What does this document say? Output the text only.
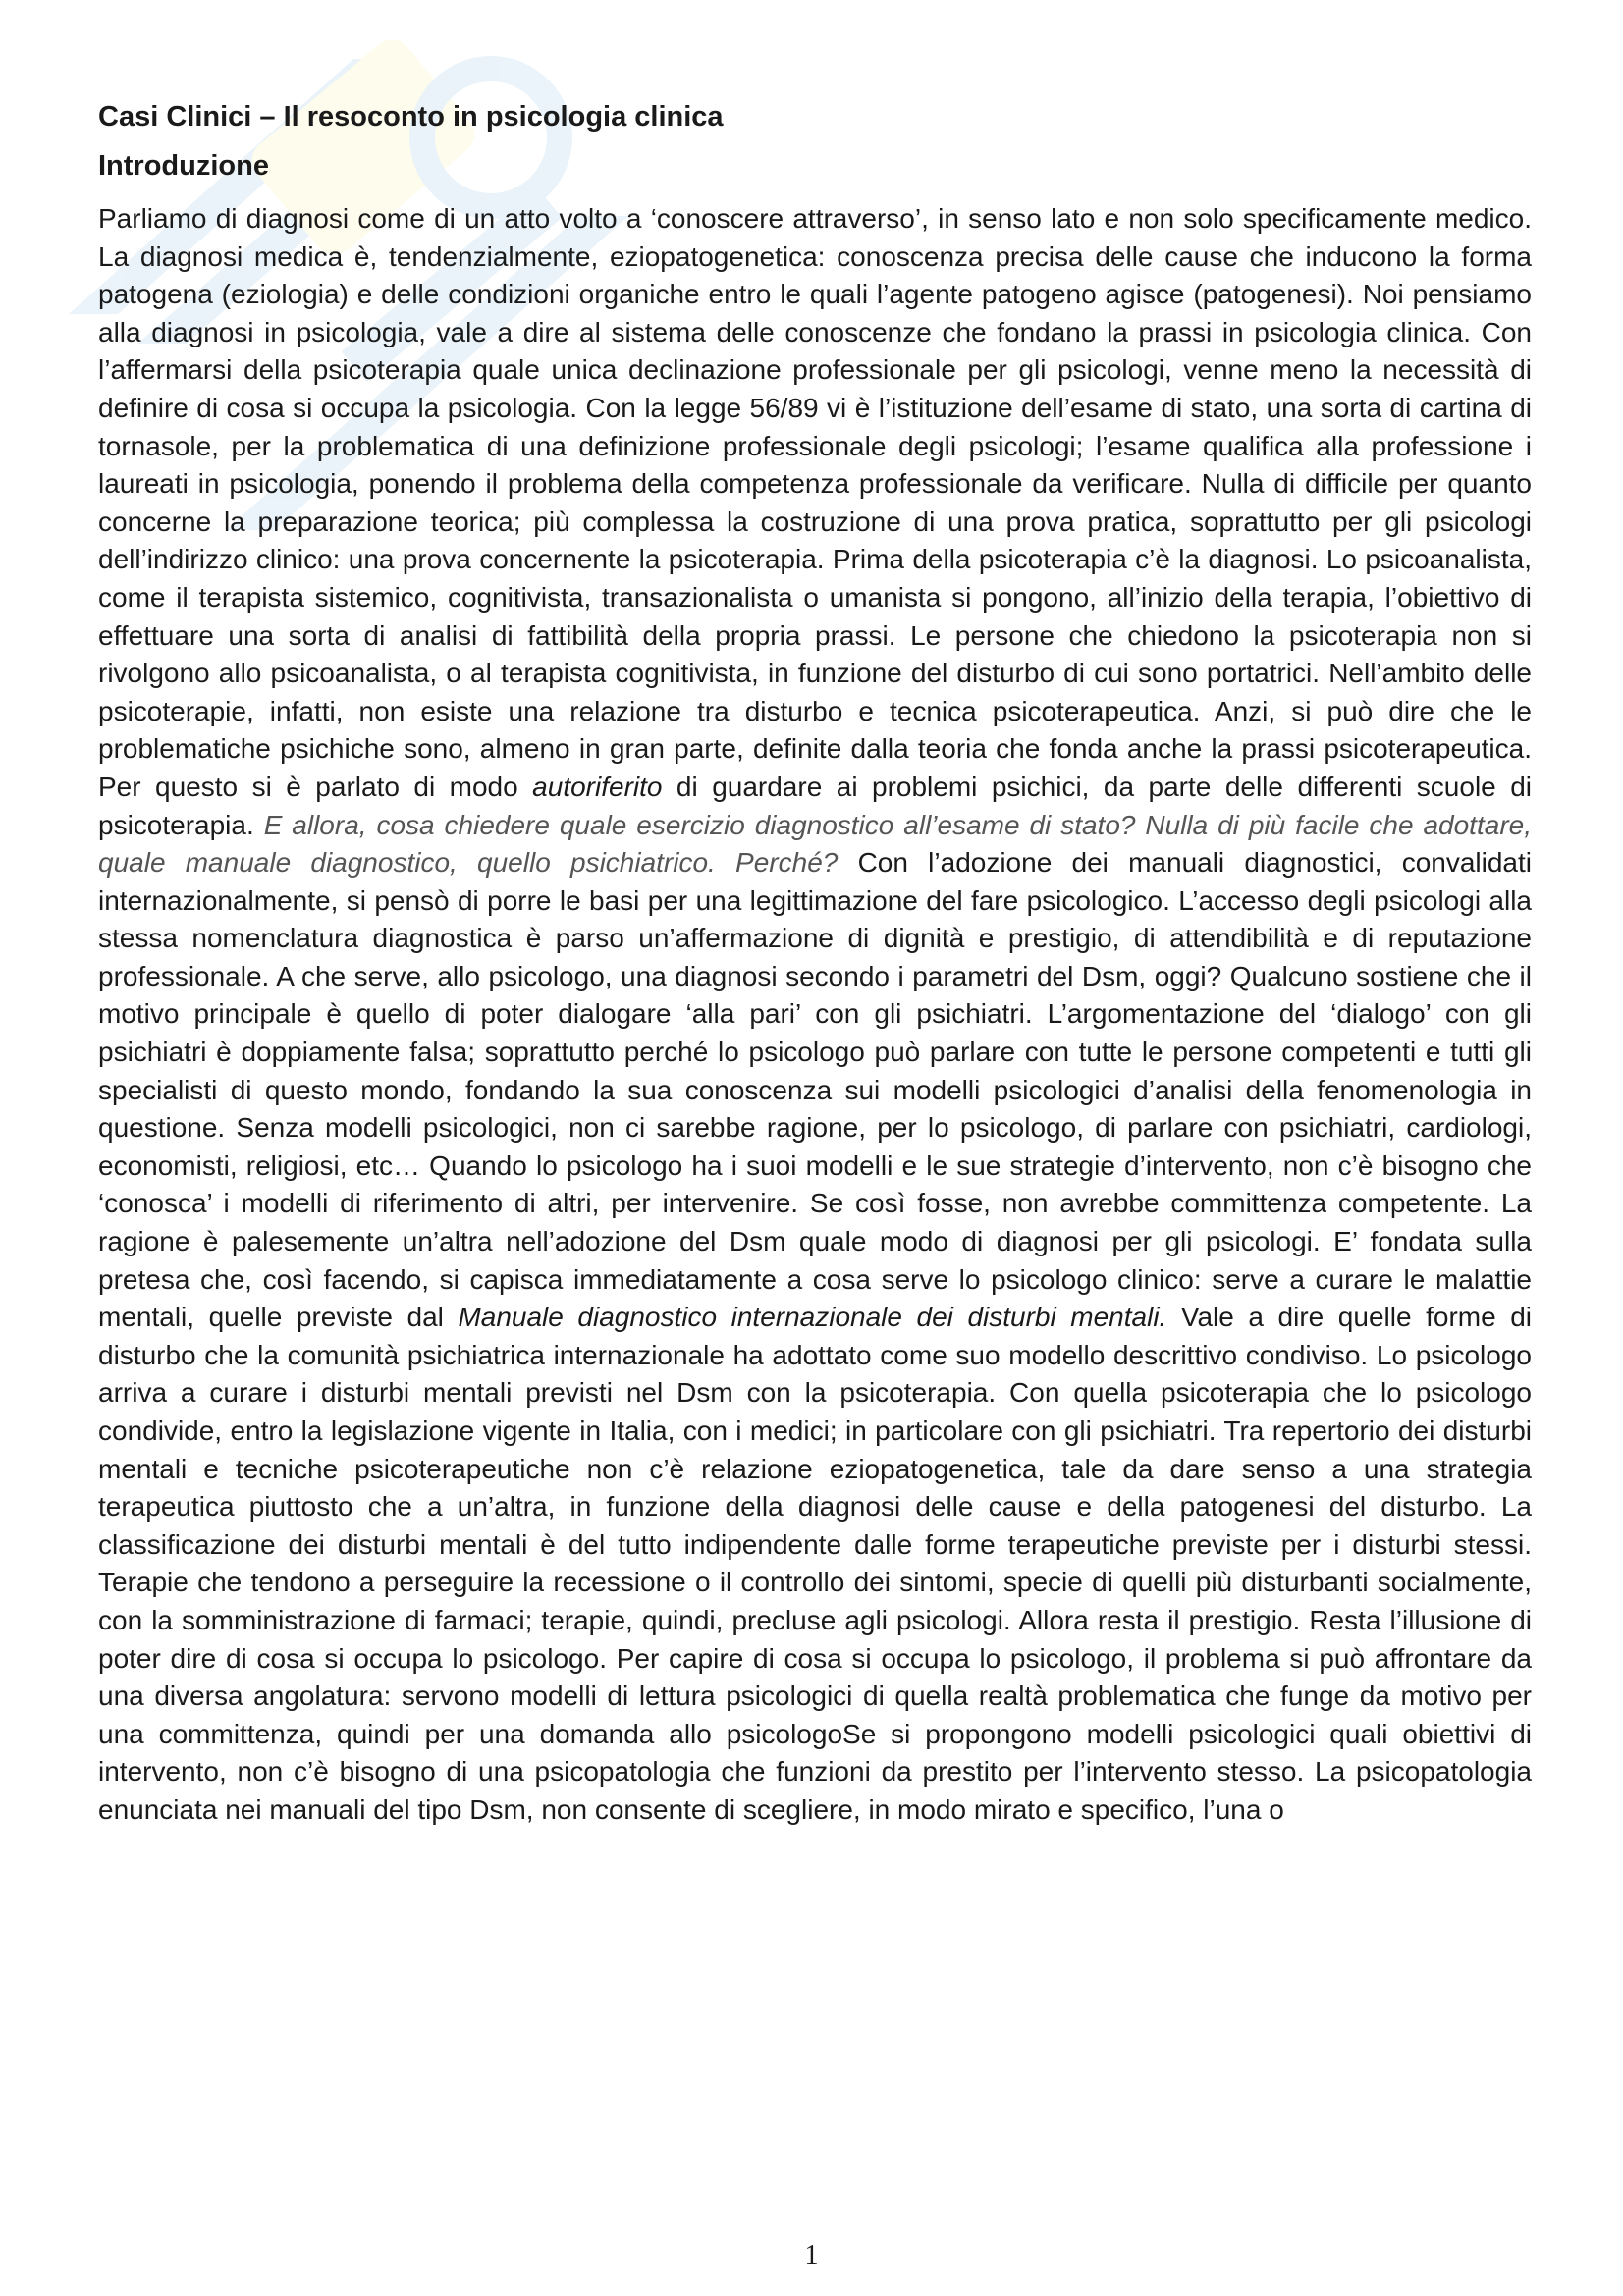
Casi Clinici – Il resoconto in psicologia clinica
Introduzione

Parliamo di diagnosi come di un atto volto a ‘conoscere attraverso’, in senso lato e non solo specificamente medico. La diagnosi medica è, tendenzialmente, eziopatogenetica: conoscenza precisa delle cause che inducono la forma patogena (eziologia) e delle condizioni organiche entro le quali l’agente patogeno agisce (patogenesi). Noi pensiamo alla diagnosi in psicologia, vale a dire al sistema delle conoscenze che fondano la prassi in psicologia clinica. Con l’affermarsi della psicoterapia quale unica declinazione professionale per gli psicologi, venne meno la necessità di definire di cosa si occupa la psicologia. Con la legge 56/89 vi è l’istituzione dell’esame di stato, una sorta di cartina di tornasole, per la problematica di una definizione professionale degli psicologi; l’esame qualifica alla professione i laureati in psicologia, ponendo il problema della competenza professionale da verificare. Nulla di difficile per quanto concerne la preparazione teorica; più complessa la costruzione di una prova pratica, soprattutto per gli psicologi dell’indirizzo clinico: una prova concernente la psicoterapia. Prima della psicoterapia c’è la diagnosi. Lo psicoanalista, come il terapista sistemico, cognitivista, transazionalista o umanista si pongono, all’inizio della terapia, l’obiettivo di effettuare una sorta di analisi di fattibilità della propria prassi. Le persone che chiedono la psicoterapia non si rivolgono allo psicoanalista, o al terapista cognitivista, in funzione del disturbo di cui sono portatrici. Nell’ambito delle psicoterapie, infatti, non esiste una relazione tra disturbo e tecnica psicoterapeutica. Anzi, si può dire che le problematiche psichiche sono, almeno in gran parte, definite dalla teoria che fonda anche la prassi psicoterapeutica. Per questo si è parlato di modo autoriferito di guardare ai problemi psichici, da parte delle differenti scuole di psicoterapia. E allora, cosa chiedere quale esercizio diagnostico all’esame di stato? Nulla di più facile che adottare, quale manuale diagnostico, quello psichiatrico. Perché? Con l’adozione dei manuali diagnostici, convalidati internazionalmente, si pensò di porre le basi per una legittimazione del fare psicologico. L’accesso degli psicologi alla stessa nomenclatura diagnostica è parso un’affermazione di dignità e prestigio, di attendibilità e di reputazione professionale. A che serve, allo psicologo, una diagnosi secondo i parametri del Dsm, oggi? Qualcuno sostiene che il motivo principale è quello di poter dialogare ‘alla pari’ con gli psichiatri. L’argomentazione del ‘dialogo’ con gli psichiatri è doppiamente falsa; soprattutto perché lo psicologo può parlare con tutte le persone competenti e tutti gli specialisti di questo mondo, fondando la sua conoscenza sui modelli psicologici d’analisi della fenomenologia in questione. Senza modelli psicologici, non ci sarebbe ragione, per lo psicologo, di parlare con psichiatri, cardiologi, economisti, religiosi, etc… Quando lo psicologo ha i suoi modelli e le sue strategie d’intervento, non c’è bisogno che ‘conosca’ i modelli di riferimento di altri, per intervenire. Se così fosse, non avrebbe committenza competente. La ragione è palesemente un’altra nell’adozione del Dsm quale modo di diagnosi per gli psicologi. E’ fondata sulla pretesa che, così facendo, si capisca immediatamente a cosa serve lo psicologo clinico: serve a curare le malattie mentali, quelle previste dal Manuale diagnostico internazionale dei disturbi mentali. Vale a dire quelle forme di disturbo che la comunità psichiatrica internazionale ha adottato come suo modello descrittivo condiviso. Lo psicologo arriva a curare i disturbi mentali previsti nel Dsm con la psicoterapia. Con quella psicoterapia che lo psicologo condivide, entro la legislazione vigente in Italia, con i medici; in particolare con gli psichiatri. Tra repertorio dei disturbi mentali e tecniche psicoterapeutiche non c’è relazione eziopatogenetica, tale da dare senso a una strategia terapeutica piuttosto che a un’altra, in funzione della diagnosi delle cause e della patogenesi del disturbo. La classificazione dei disturbi mentali è del tutto indipendente dalle forme terapeutiche previste per i disturbi stessi. Terapie che tendono a perseguire la recessione o il controllo dei sintomi, specie di quelli più disturbanti socialmente, con la somministrazione di farmaci; terapie, quindi, precluse agli psicologi. Allora resta il prestigio. Resta l’illusione di poter dire di cosa si occupa lo psicologo. Per capire di cosa si occupa lo psicologo, il problema si può affrontare da una diversa angolatura: servono modelli di lettura psicologici di quella realtà problematica che funge da motivo per una committenza, quindi per una domanda allo psicologoSe si propongono modelli psicologici quali obiettivi di intervento, non c’è bisogno di una psicopatologia che funzioni da prestito per l’intervento stesso. La psicopatologia enunciata nei manuali del tipo Dsm, non consente di scegliere, in modo mirato e specifico, l’una o

1
